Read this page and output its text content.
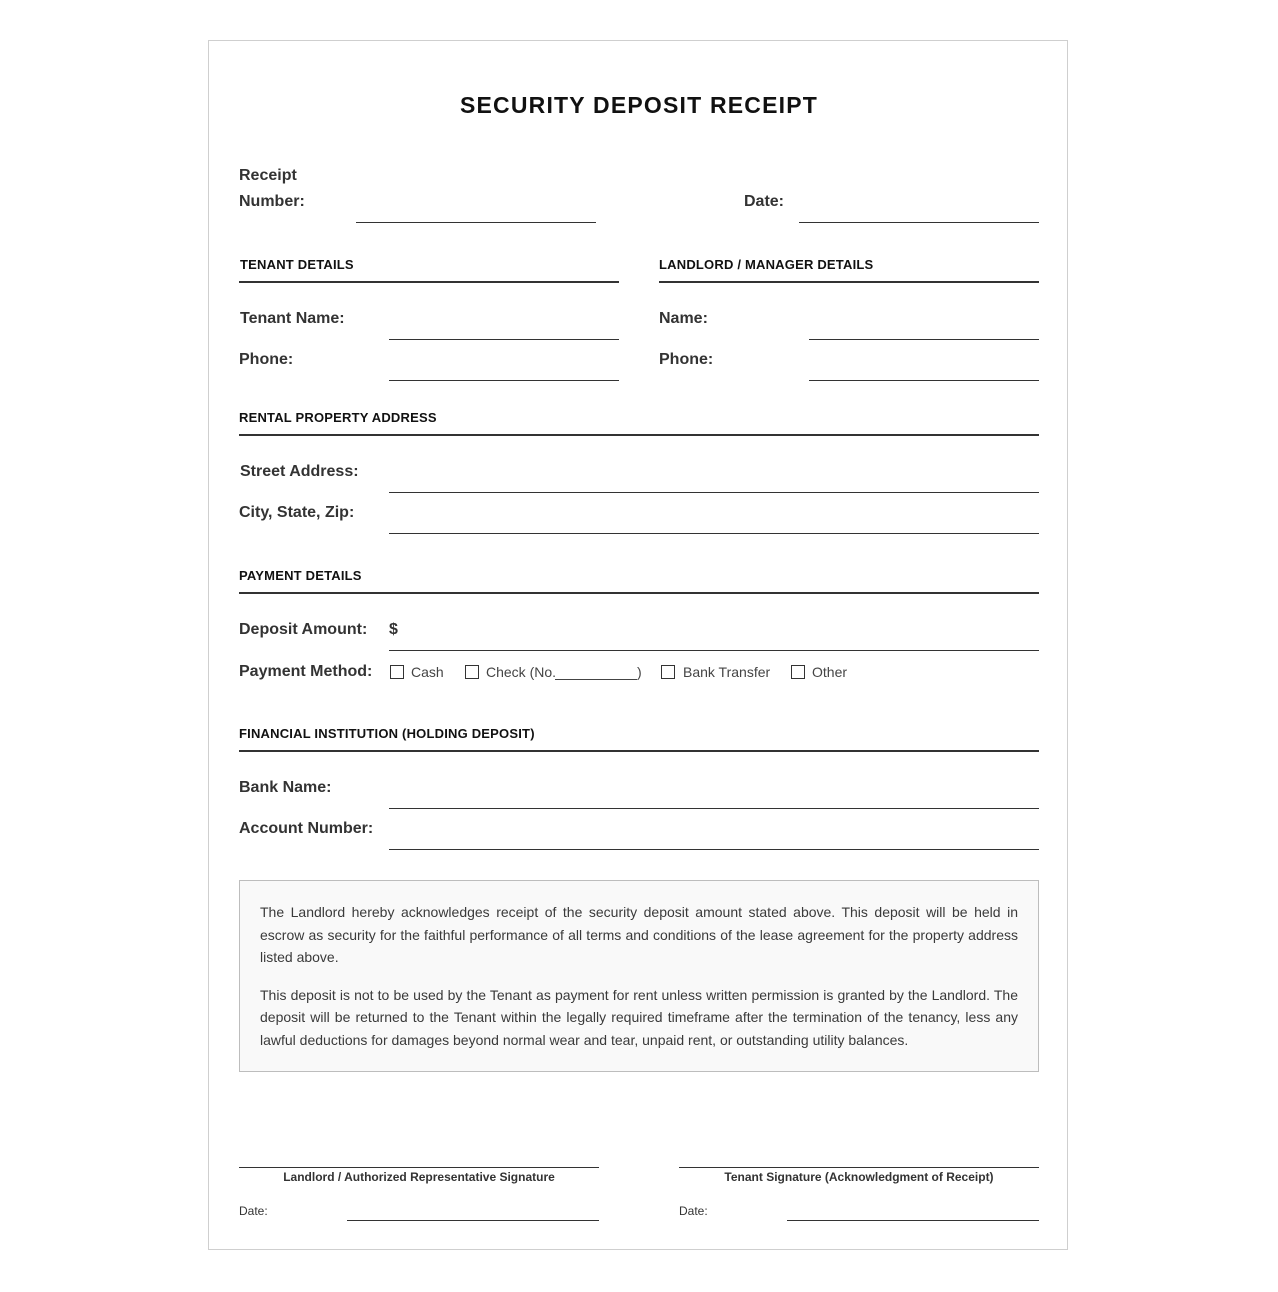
SECURITY DEPOSIT RECEIPT
Receipt
Number:	Date:
TENANT DETAILS
Tenant Name:
Phone:
LANDLORD / MANAGER DETAILS
Name:
Phone:
RENTAL PROPERTY ADDRESS
Street Address:
City, State, Zip:
PAYMENT DETAILS
Deposit Amount: $
Payment Method:	Cash	Check (No.	)	Bank Transfer	Other
FINANCIAL INSTITUTION (HOLDING DEPOSIT)
Bank Name:
Account Number:

The Landlord hereby acknowledges receipt of the security deposit amount stated above. This deposit will be held in escrow as security for the faithful performance of all terms and conditions of the lease agreement for the property address listed above.

This deposit is not to be used by the Tenant as payment for rent unless written permission is granted by the Landlord. The deposit will be returned to the Tenant within the legally required timeframe after the termination of the tenancy, less any lawful deductions for damages beyond normal wear and tear, unpaid rent, or outstanding utility balances.

Landlord / Authorized Representative Signature
Date:
Tenant Signature (Acknowledgment of Receipt)
Date:
